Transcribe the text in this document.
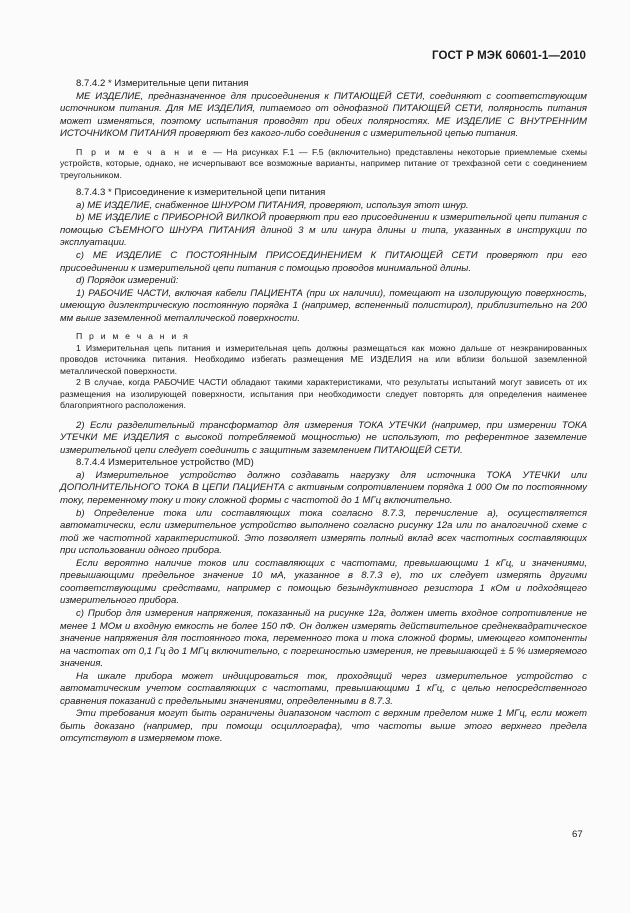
ГОСТ Р МЭК 60601-1—2010

8.7.4.2 * Измерительные цепи питания

МЕ ИЗДЕЛИЕ, предназначенное для присоединения к ПИТАЮЩЕЙ СЕТИ, соединяют с соответствующим источником питания. Для МЕ ИЗДЕЛИЯ, питаемого от однофазной ПИТАЮЩЕЙ СЕТИ, полярность питания может изменяться, поэтому испытания проводят при обеих полярностях. МЕ ИЗДЕЛИЕ С ВНУТРЕННИМ ИСТОЧНИКОМ ПИТАНИЯ проверяют без какого-либо соединения с измерительной цепью питания.

П р и м е ч а н и е — На рисунках F.1 — F.5 (включительно) представлены некоторые приемлемые схемы устройств, которые, однако, не исчерпывают все возможные варианты, например питание от трехфазной сети с соединением треугольником.

8.7.4.3 * Присоединение к измерительной цепи питания

а) МЕ ИЗДЕЛИЕ, снабженное ШНУРОМ ПИТАНИЯ, проверяют, используя этот шнур.

b) МЕ ИЗДЕЛИЕ с ПРИБОРНОЙ ВИЛКОЙ проверяют при его присоединении к измерительной цепи питания с помощью СЪЕМНОГО ШНУРА ПИТАНИЯ длиной 3 м или шнура длины и типа, указанных в инструкции по эксплуатации.

с) МЕ ИЗДЕЛИЕ С ПОСТОЯННЫМ ПРИСОЕДИНЕНИЕМ К ПИТАЮЩЕЙ СЕТИ проверяют при его присоединении к измерительной цепи питания с помощью проводов минимальной длины.

d) Порядок измерений:

1) РАБОЧИЕ ЧАСТИ, включая кабели ПАЦИЕНТА (при их наличии), помещают на изолирующую поверхность, имеющую диэлектрическую постоянную порядка 1 (например, вспененный полистирол), приблизительно на 200 мм выше заземленной металлической поверхности.

П р и м е ч а н и я

1 Измерительная цепь питания и измерительная цепь должны размещаться как можно дальше от неэкранированных проводов источника питания. Необходимо избегать размещения МЕ ИЗДЕЛИЯ на или вблизи большой заземленной металлической поверхности.

2 В случае, когда РАБОЧИЕ ЧАСТИ обладают такими характеристиками, что результаты испытаний могут зависеть от их размещения на изолирующей поверхности, испытания при необходимости следует повторять для определения наименее благоприятного расположения.

2) Если разделительный трансформатор для измерения ТОКА УТЕЧКИ (например, при измерении ТОКА УТЕЧКИ МЕ ИЗДЕЛИЯ с высокой потребляемой мощностью) не используют, то референтное заземление измерительной цепи следует соединить с защитным заземлением ПИТАЮЩЕЙ СЕТИ.

8.7.4.4 Измерительное устройство (MD)

а) Измерительное устройство должно создавать нагрузку для источника ТОКА УТЕЧКИ или ДОПОЛНИТЕЛЬНОГО ТОКА В ЦЕПИ ПАЦИЕНТА с активным сопротивлением порядка 1 000 Ом по постоянному току, переменному току и току сложной формы с частотой до 1 МГц включительно.

b) Определение тока или составляющих тока согласно 8.7.3, перечисление а), осуществляется автоматически, если измерительное устройство выполнено согласно рисунку 12а или по аналогичной схеме с той же частотной характеристикой. Это позволяет измерять полный вклад всех частотных составляющих при использовании одного прибора.

Если вероятно наличие токов или составляющих с частотами, превышающими 1 кГц, и значениями, превышающими предельное значение 10 мА, указанное в 8.7.3 е), то их следует измерять другими соответствующими средствами, например с помощью безындуктивного резистора 1 кОм и подходящего измерительного прибора.

с) Прибор для измерения напряжения, показанный на рисунке 12а, должен иметь входное сопротивление не менее 1 МОм и входную емкость не более 150 пФ. Он должен измерять действительное среднеквадратическое значение напряжения для постоянного тока, переменного тока и тока сложной формы, имеющего компоненты на частотах от 0,1 Гц до 1 МГц включительно, с погрешностью измерения, не превышающей ± 5 % измеряемого значения.

На шкале прибора может индицироваться ток, проходящий через измерительное устройство с автоматическим учетом составляющих с частотами, превышающими 1 кГц, с целью непосредственного сравнения показаний с предельными значениями, определенными в 8.7.3.

Эти требования могут быть ограничены диапазоном частот с верхним пределом ниже 1 МГц, если может быть доказано (например, при помощи осциллографа), что частоты выше этого верхнего предела отсутствуют в измеряемом токе.

67
